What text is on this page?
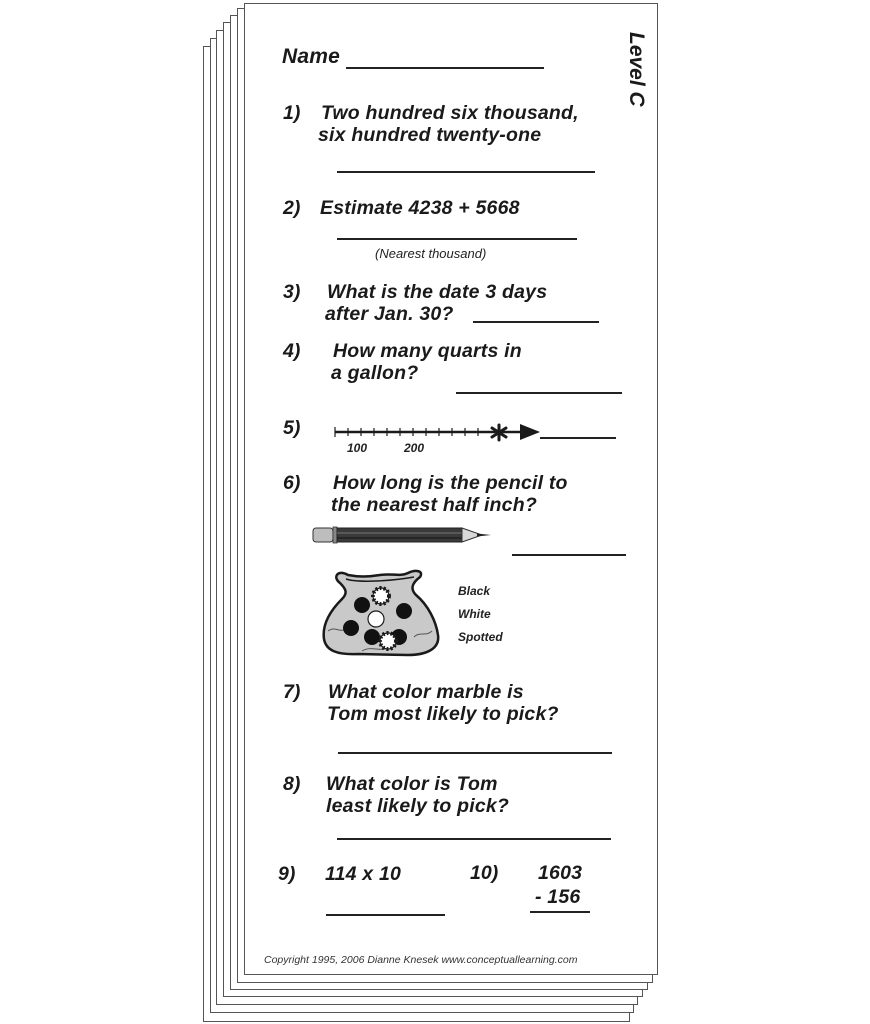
Name	Level C
1) Two hundred six thousand,
six hundred twenty-one
2) Estimate 4238 + 5668
(Nearest thousand)
3) What is the date 3 days
after Jan. 30?
4) How many quarts in
a gallon?
5)
100	200
6) How long is the pencil to
the nearest half inch?
Black
White
Spotted
7) What color marble is
Tom most likely to pick?
8) What color is Tom
least likely to pick?
9) 114 x 10	10) 1603
- 156
Copyright 1995, 2006 Dianne Knesek www.conceptuallearning.com
